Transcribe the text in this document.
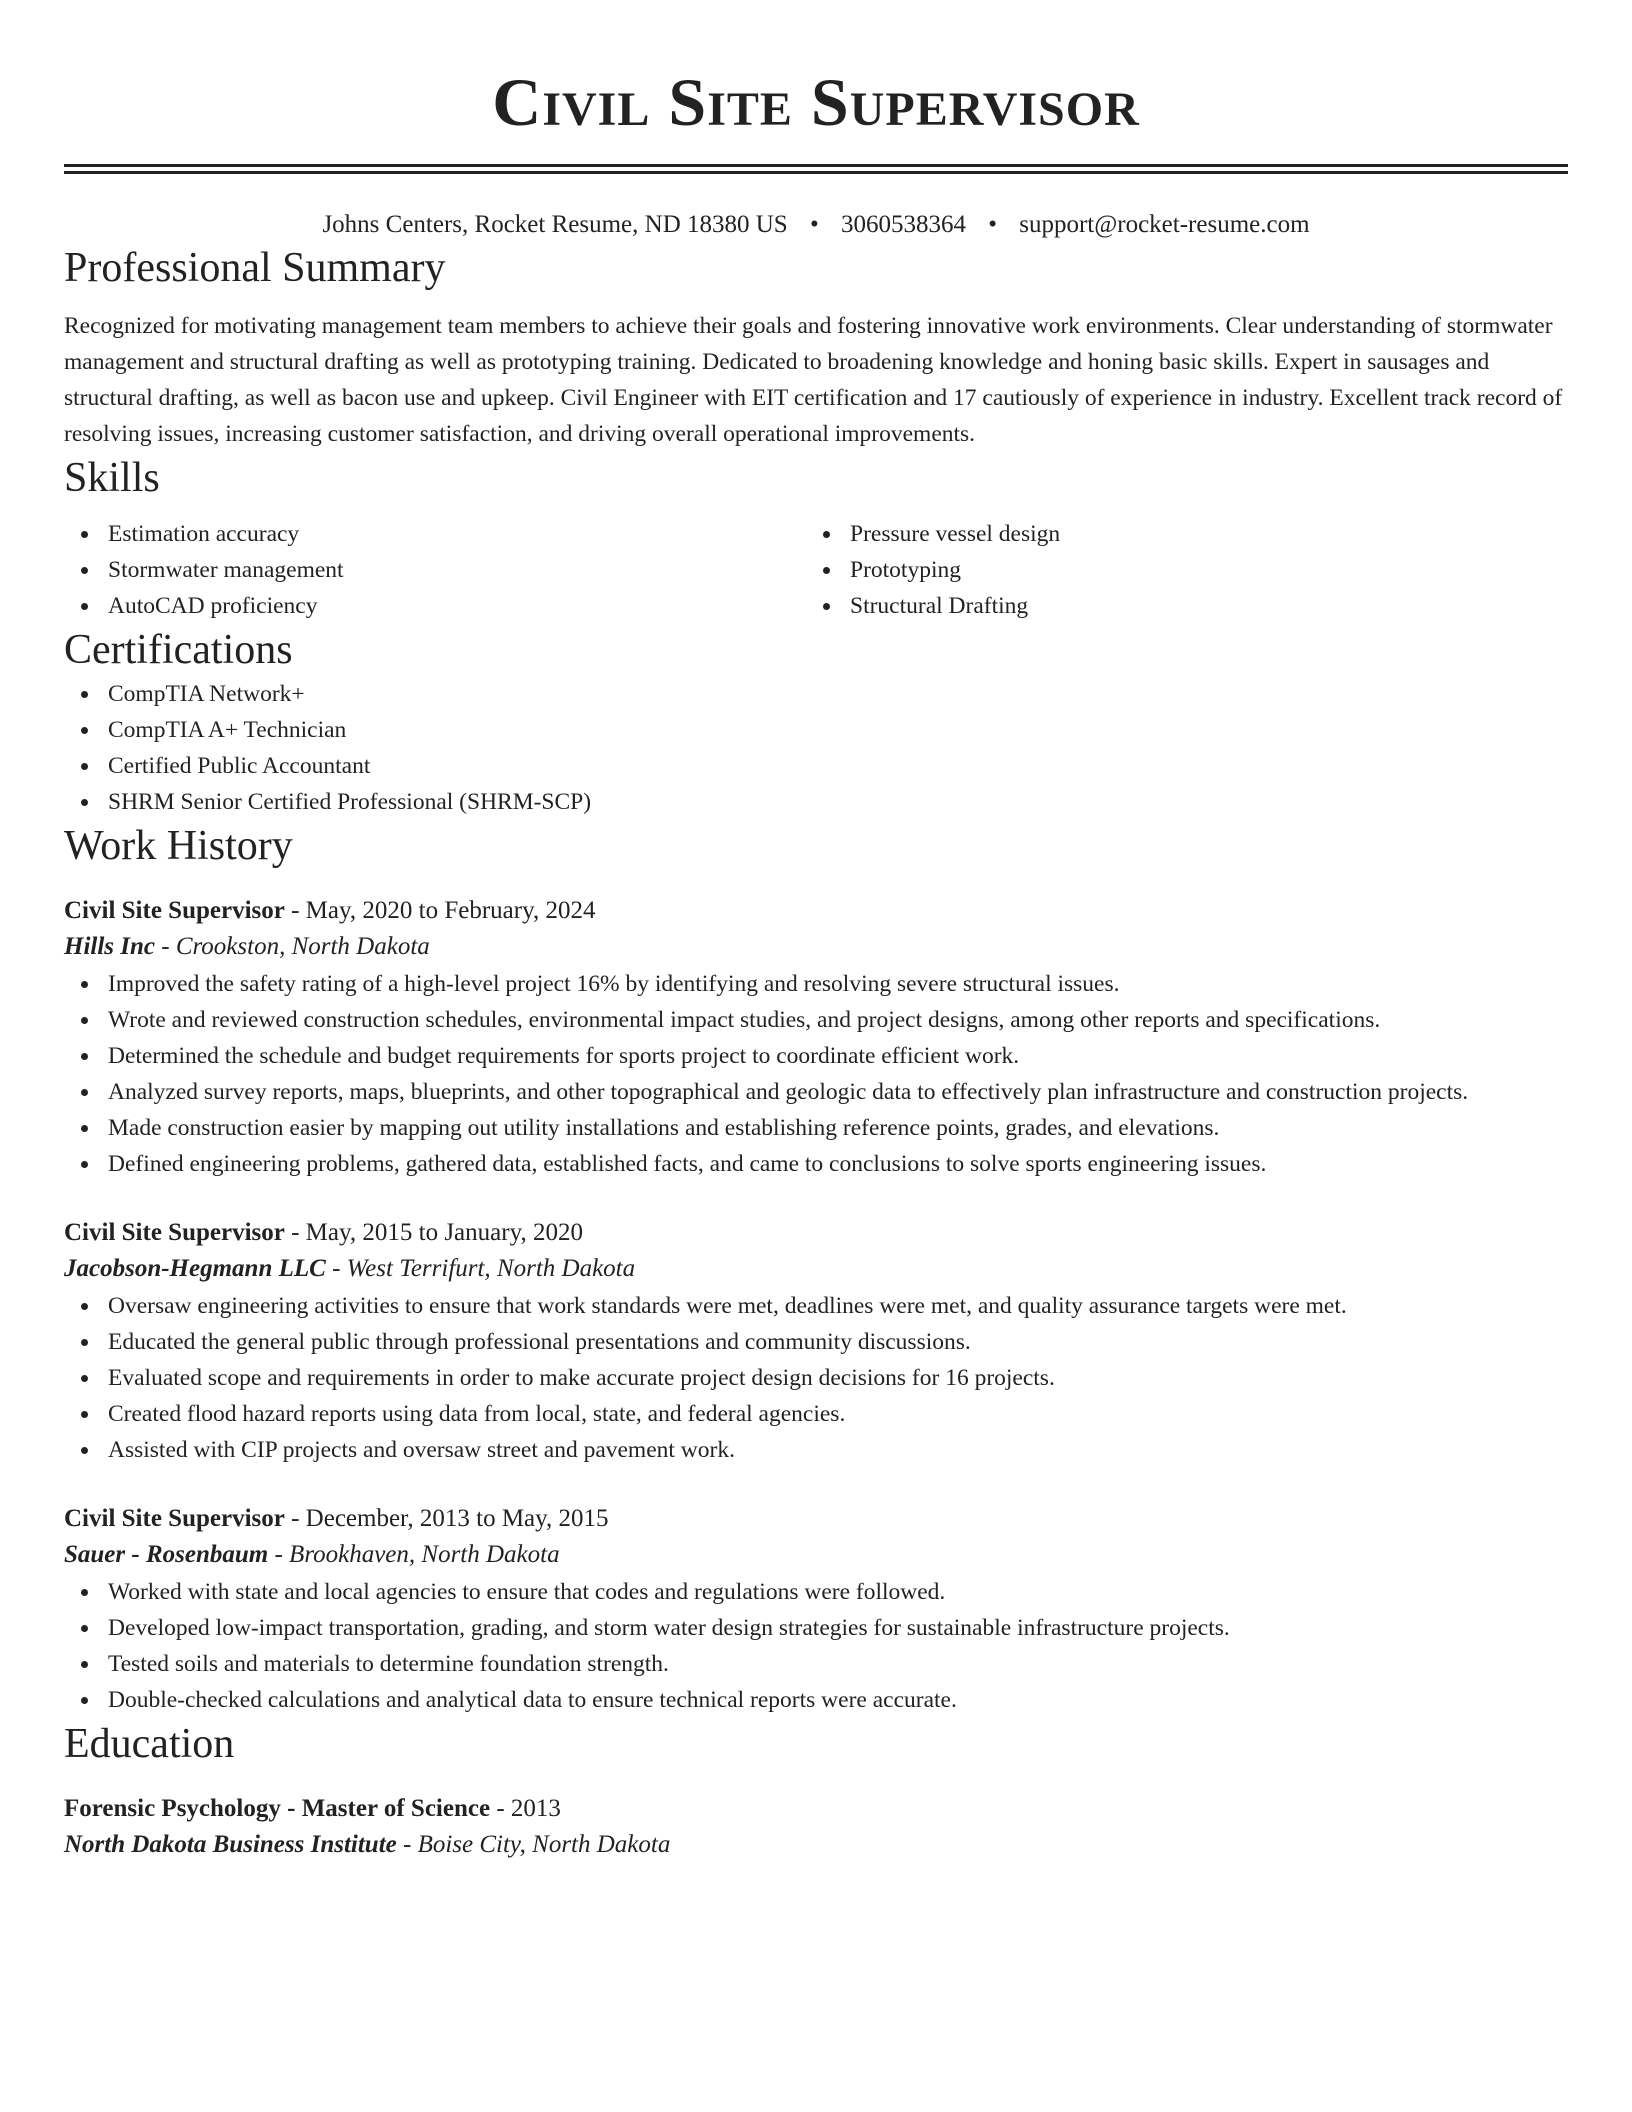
Civil Site Supervisor
Johns Centers, Rocket Resume, ND 18380 US • 3060538364 • support@rocket-resume.com
Professional Summary
Recognized for motivating management team members to achieve their goals and fostering innovative work environments. Clear understanding of stormwater management and structural drafting as well as prototyping training. Dedicated to broadening knowledge and honing basic skills. Expert in sausages and structural drafting, as well as bacon use and upkeep. Civil Engineer with EIT certification and 17 cautiously of experience in industry. Excellent track record of resolving issues, increasing customer satisfaction, and driving overall operational improvements.
Skills
Estimation accuracy
Stormwater management
AutoCAD proficiency
Pressure vessel design
Prototyping
Structural Drafting
Certifications
CompTIA Network+
CompTIA A+ Technician
Certified Public Accountant
SHRM Senior Certified Professional (SHRM-SCP)
Work History
Civil Site Supervisor - May, 2020 to February, 2024
Hills Inc - Crookston, North Dakota
Improved the safety rating of a high-level project 16% by identifying and resolving severe structural issues.
Wrote and reviewed construction schedules, environmental impact studies, and project designs, among other reports and specifications.
Determined the schedule and budget requirements for sports project to coordinate efficient work.
Analyzed survey reports, maps, blueprints, and other topographical and geologic data to effectively plan infrastructure and construction projects.
Made construction easier by mapping out utility installations and establishing reference points, grades, and elevations.
Defined engineering problems, gathered data, established facts, and came to conclusions to solve sports engineering issues.
Civil Site Supervisor - May, 2015 to January, 2020
Jacobson-Hegmann LLC - West Terrifurt, North Dakota
Oversaw engineering activities to ensure that work standards were met, deadlines were met, and quality assurance targets were met.
Educated the general public through professional presentations and community discussions.
Evaluated scope and requirements in order to make accurate project design decisions for 16 projects.
Created flood hazard reports using data from local, state, and federal agencies.
Assisted with CIP projects and oversaw street and pavement work.
Civil Site Supervisor - December, 2013 to May, 2015
Sauer - Rosenbaum - Brookhaven, North Dakota
Worked with state and local agencies to ensure that codes and regulations were followed.
Developed low-impact transportation, grading, and storm water design strategies for sustainable infrastructure projects.
Tested soils and materials to determine foundation strength.
Double-checked calculations and analytical data to ensure technical reports were accurate.
Education
Forensic Psychology - Master of Science - 2013
North Dakota Business Institute - Boise City, North Dakota
